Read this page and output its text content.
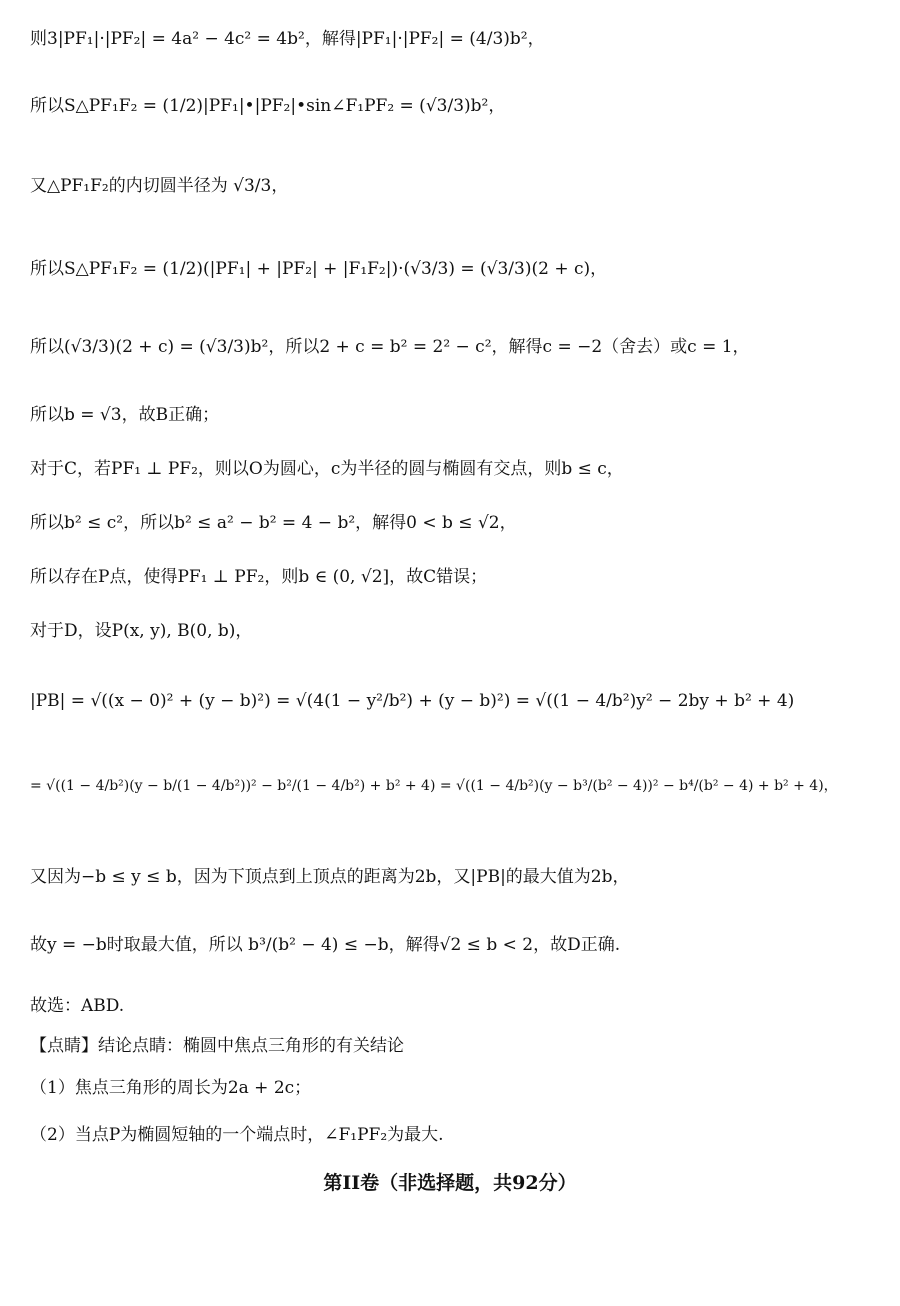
则3|PF₁|·|PF₂| = 4a² − 4c² = 4b²，解得|PF₁|·|PF₂| = (4/3)b²，
所以S△PF₁F₂ = (1/2)|PF₁|•|PF₂|•sin∠F₁PF₂ = (√3/3)b²，
又△PF₁F₂的内切圆半径为 √3/3，
所以S△PF₁F₂ = (1/2)(|PF₁| + |PF₂| + |F₁F₂|)·(√3/3) = (√3/3)(2 + c)，
所以(√3/3)(2 + c) = (√3/3)b²，所以2 + c = b² = 2² − c²，解得c = −2（舍去）或c = 1，
所以b = √3，故B正确；
对于C，若PF₁ ⊥ PF₂，则以O为圆心，c为半径的圆与椭圆有交点，则b ≤ c，
所以b² ≤ c²，所以b² ≤ a² − b² = 4 − b²，解得0 < b ≤ √2，
所以存在P点，使得PF₁ ⊥ PF₂，则b ∈ (0, √2]，故C错误；
对于D，设P(x, y), B(0, b)，
|PB| = √((x − 0)² + (y − b)²) = √(4(1 − y²/b²) + (y − b)²) = √((1 − 4/b²)y² − 2by + b² + 4)
= √((1 − 4/b²)(y − b/(1 − 4/b²))² − b²/(1 − 4/b²) + b² + 4) = √((1 − 4/b²)(y − b³/(b² − 4))² − b⁴/(b² − 4) + b² + 4)，
又因为−b ≤ y ≤ b，因为下顶点到上顶点的距离为2b，又|PB|的最大值为2b，
故y = −b时取最大值，所以 b³/(b² − 4) ≤ −b，解得√2 ≤ b < 2，故D正确.
故选：ABD.
【点睛】结论点睛：椭圆中焦点三角形的有关结论
（1）焦点三角形的周长为2a + 2c；
（2）当点P为椭圆短轴的一个端点时，∠F₁PF₂为最大.
第II卷（非选择题，共92分）
